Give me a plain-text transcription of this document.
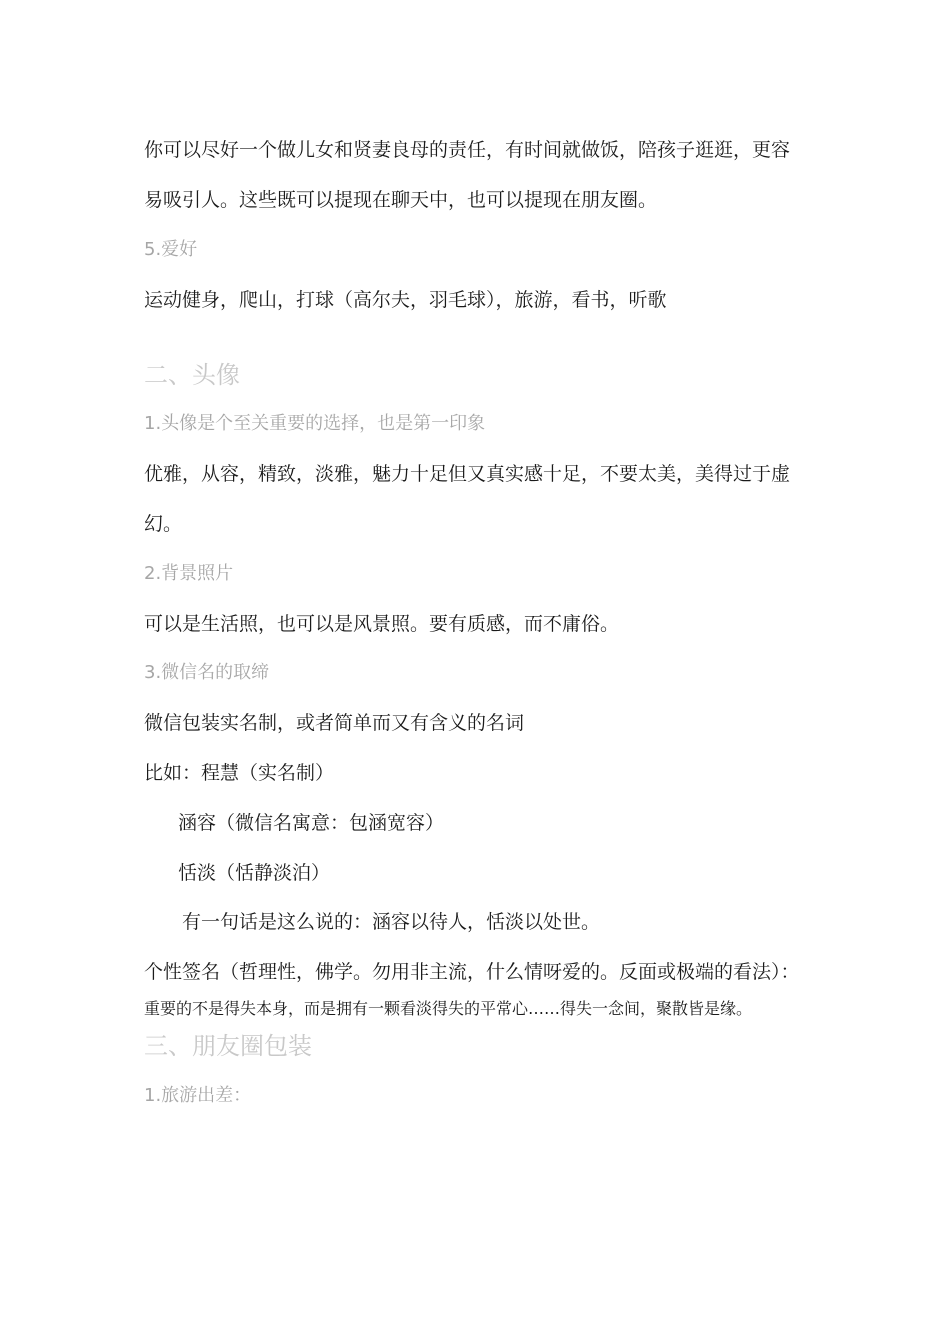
你可以尽好一个做儿女和贤妻良母的责任，有时间就做饭，陪孩子逛逛，更容
易吸引人。这些既可以提现在聊天中，也可以提现在朋友圈。
5.爱好
运动健身，爬山，打球（高尔夫，羽毛球），旅游，看书，听歌
二、头像
1.头像是个至关重要的选择，也是第一印象
优雅，从容，精致，淡雅，魅力十足但又真实感十足，不要太美，美得过于虚
幻。
2.背景照片
可以是生活照，也可以是风景照。要有质感，而不庸俗。
3.微信名的取缔
微信包装实名制，或者简单而又有含义的名词
比如：程慧（实名制）
涵容（微信名寓意：包涵宽容）
恬淡（恬静淡泊）
有一句话是这么说的：涵容以待人，恬淡以处世。
个性签名（哲理性，佛学。勿用非主流，什么情呀爱的。反面或极端的看法）：
重要的不是得失本身，而是拥有一颗看淡得失的平常心……得失一念间，聚散皆是缘。
三、朋友圈包装
1.旅游出差：
